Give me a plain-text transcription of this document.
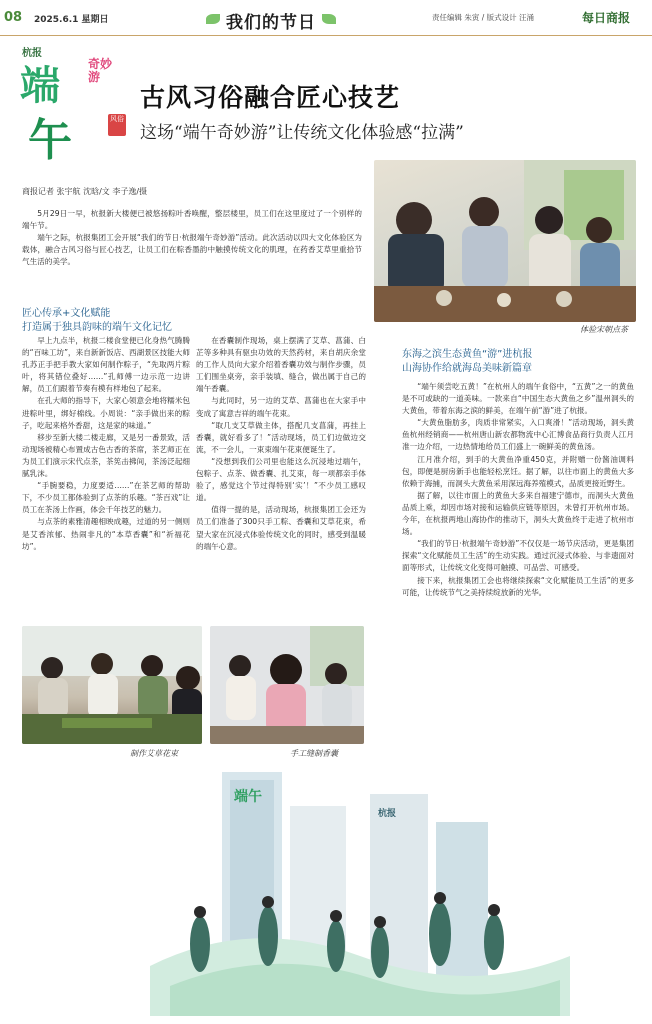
08 2025.6.1 星期日	我们的节日	责任编辑 朱寅 / 版式设计 汪涌	每日商报
杭报
端
午
奇妙游
风俗
古风习俗融合匠心技艺
这场“端午奇妙游”让传统文化体验感“拉满”
体验宋朝点茶
商报记者 张宇航 沈晗/文 李子逸/摄

5月29日一早，杭报新大楼便已被悠扬粽叶香唤醒，整层楼里，员工们在这里度过了一个别样的端午节。

端午之际，杭报集团工会开展“我们的节日·杭报端午奇妙游”活动。此次活动以四大文化体验区为载体，融合古风习俗与匠心技艺，让员工们在粽香墨韵中触摸传统文化的肌理，在药香艾草里重拾节气生活的美学。

匠心传承+文化赋能
打造属于独具韵味的端午文化记忆

早上九点半，杭报二楼食堂便已化身热气腾腾的“百味工坊”，来自新新饭店、西湖景区技能大师孔苏正手把手教大家如何制作粽子，“先取两片粽叶，将其错位叠好……”孔师傅一边示范一边讲解，员工们跟着节奏有模有样地包了起来。

在孔大师的指导下，大家心领意会地将糯米包进粽叶里，绑好棉线。小周说：“亲手做出来的粽子，吃起来格外香甜，这是家的味道。”

移步至新大楼二楼走廊，又是另一番景致，活动现场被精心布置成古色古香的茶席，茶艺师正在为员工们演示宋代点茶，茶筅击拂间，茶汤泛起细腻乳沫。

“手腕要稳，力度要适……”在茶艺师的帮助下，不少员工都体验到了点茶的乐趣。“茶百戏”让员工在茶汤上作画，体会千年技艺的魅力。

与点茶的素雅清趣相映成趣，过道的另一侧则是艾香浓郁、热闹非凡的“本草香囊”和“祈福花坊”。

在香囊制作现场，桌上摆满了艾草、菖蒲、白芷等多种具有驱虫功效的天然药材，来自胡庆余堂的工作人员向大家介绍着香囊功效与制作步骤，员工们围坐桌旁，亲手装填、缝合，做出属于自己的端午香囊。

与此同时，另一边的艾草、菖蒲也在大家手中变成了寓意吉祥的端午花束。

“取几支艾草做主体，搭配几支菖蒲，再挂上香囊，就好看多了！”活动现场，员工们边做边交流，不一会儿，一束束端午花束便诞生了。

“没想到我们公司里也能这么沉浸地过端午，包粽子、点茶、做香囊、扎艾束，每一项都亲手体验了，感觉这个节过得特别‘实’！”不少员工感叹道。

值得一提的是，活动现场，杭报集团工会还为员工们准备了300只手工粽、香囊和艾草花束，希望大家在沉浸式体验传统文化的同时，感受到温暖的端午心意。

东海之滨生态黄鱼“游”进杭报
山海协作给就海岛美味新篇章

“端午须尝吃五黄！”在杭州人的端午食俗中，“五黄”之一的黄鱼是不可或缺的一道美味。一款来自“中国生态大黄鱼之乡”温州洞头的大黄鱼，带着东海之滨的鲜美，在端午前“游”进了杭报。

“大黄鱼脂肪多，肉质非常紧实，入口爽滑！”活动现场，洞头黄鱼杭州经销商——杭州唐山新农都物流中心汇博食品商行负责人江月准一边介绍，一边热情地给员工们盛上一碗鲜美的黄鱼汤。

江月准介绍，到手的大黄鱼净重450克，并附赠一份酱油调料包，即便是厨房新手也能轻松烹饪。据了解，以往市面上的黄鱼大多依赖于海捕，而洞头大黄鱼采用深远海养殖模式，品质更接近野生。

据了解，以往市面上的黄鱼大多来自福建宁德市，而洞头大黄鱼品质上乘，却因市场对接和运输供应链等原因，未曾打开杭州市场。今年，在杭报两地山海协作的推动下，洞头大黄鱼终于走进了杭州市场。

“我们的节日·杭报端午奇妙游”不仅仅是一场节庆活动，更是集团探索“文化赋能员工生活”的生动实践。通过沉浸式体验、与非遗面对面等形式，让传统文化变得可触摸、可品尝、可感受。

接下来，杭报集团工会也将继续探索“文化赋能员工生活”的更多可能，让传统节气之美持续绽放新的光华。

制作艾草花束	手工缝制香囊
端午
杭报
